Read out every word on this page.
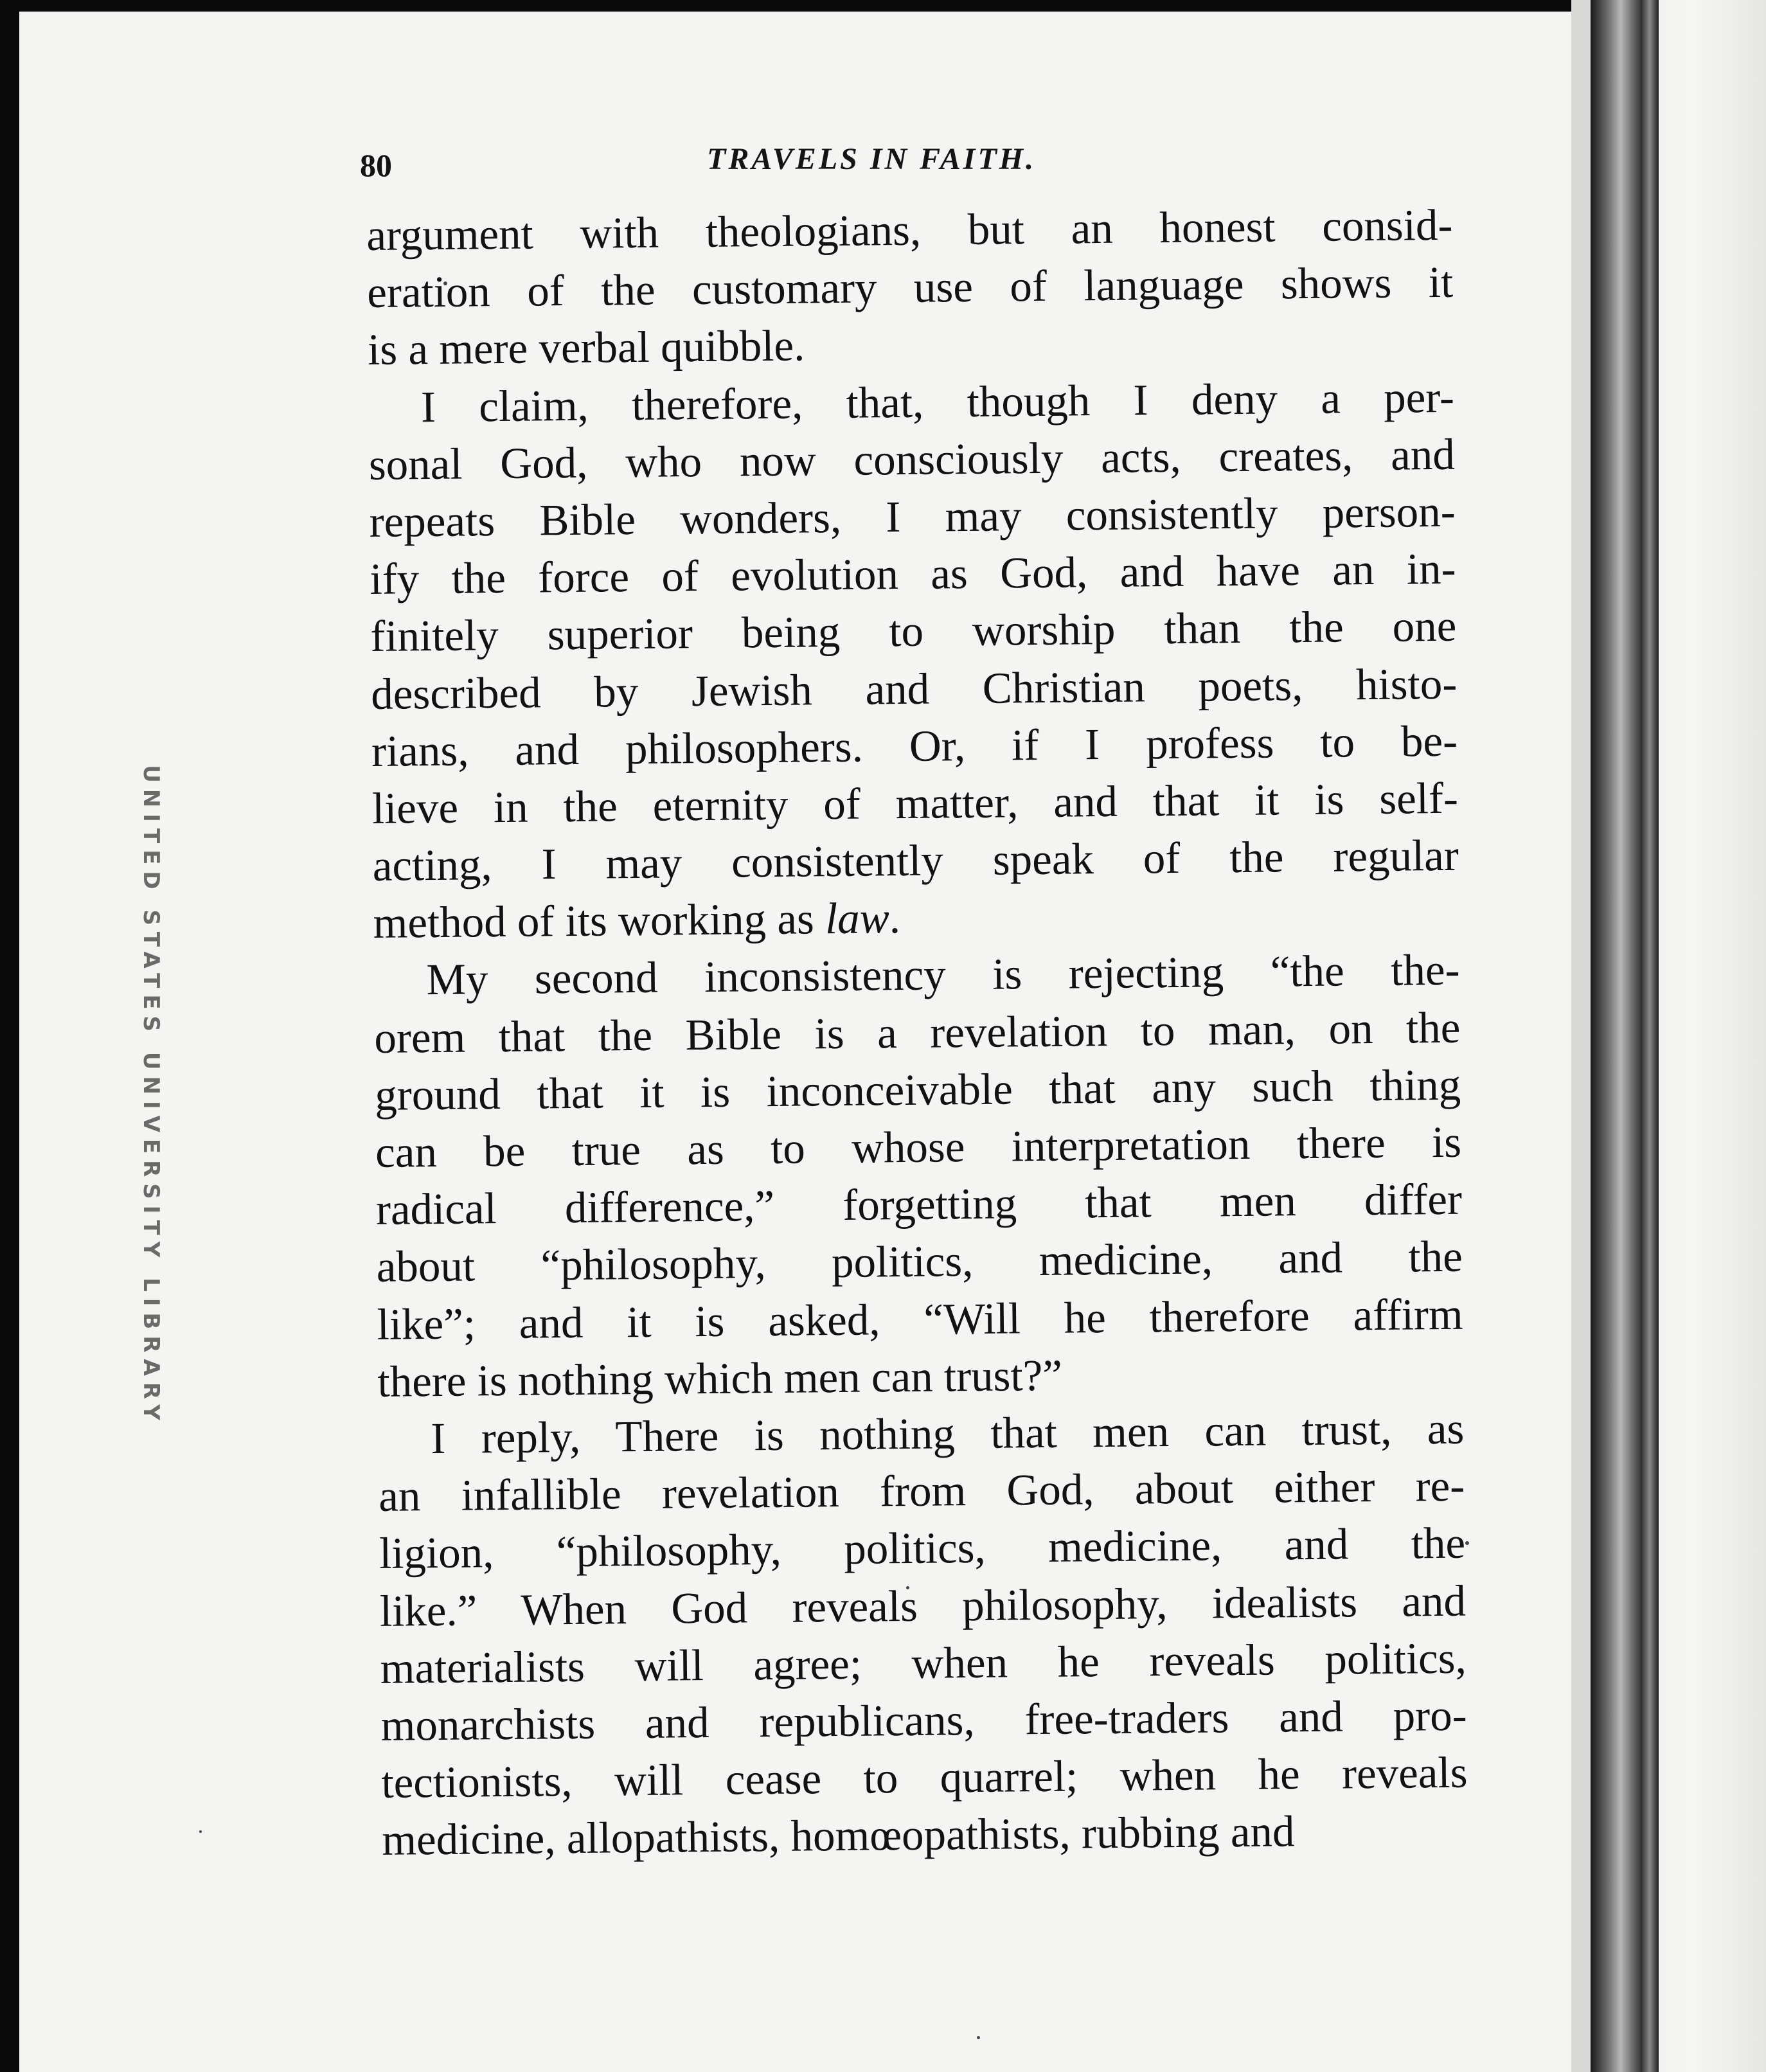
UNITED STATES UNIVERSITY LIBRARY
80	TRAVELS IN FAITH.
argument with theologians, but an honest consid-
eration of the customary use of language shows it
is a mere verbal quibble.
I claim, therefore, that, though I deny a per-
sonal God, who now consciously acts, creates, and
repeats Bible wonders, I may consistently person-
ify the force of evolution as God, and have an in-
finitely superior being to worship than the one
described by Jewish and Christian poets, histo-
rians, and philosophers. Or, if I profess to be-
lieve in the eternity of matter, and that it is self-
acting, I may consistently speak of the regular
method of its working as law.
My second inconsistency is rejecting “the the-
orem that the Bible is a revelation to man, on the
ground that it is inconceivable that any such thing
can be true as to whose interpretation there is
radical difference,” forgetting that men differ
about “philosophy, politics, medicine, and the
like”; and it is asked, “Will he therefore affirm
there is nothing which men can trust?”
I reply, There is nothing that men can trust, as
an infallible revelation from God, about either re-
ligion, “philosophy, politics, medicine, and the
like.” When God reveals philosophy, idealists and
materialists will agree; when he reveals politics,
monarchists and republicans, free-traders and pro-
tectionists, will cease to quarrel; when he reveals
medicine, allopathists, homœopathists, rubbing and
